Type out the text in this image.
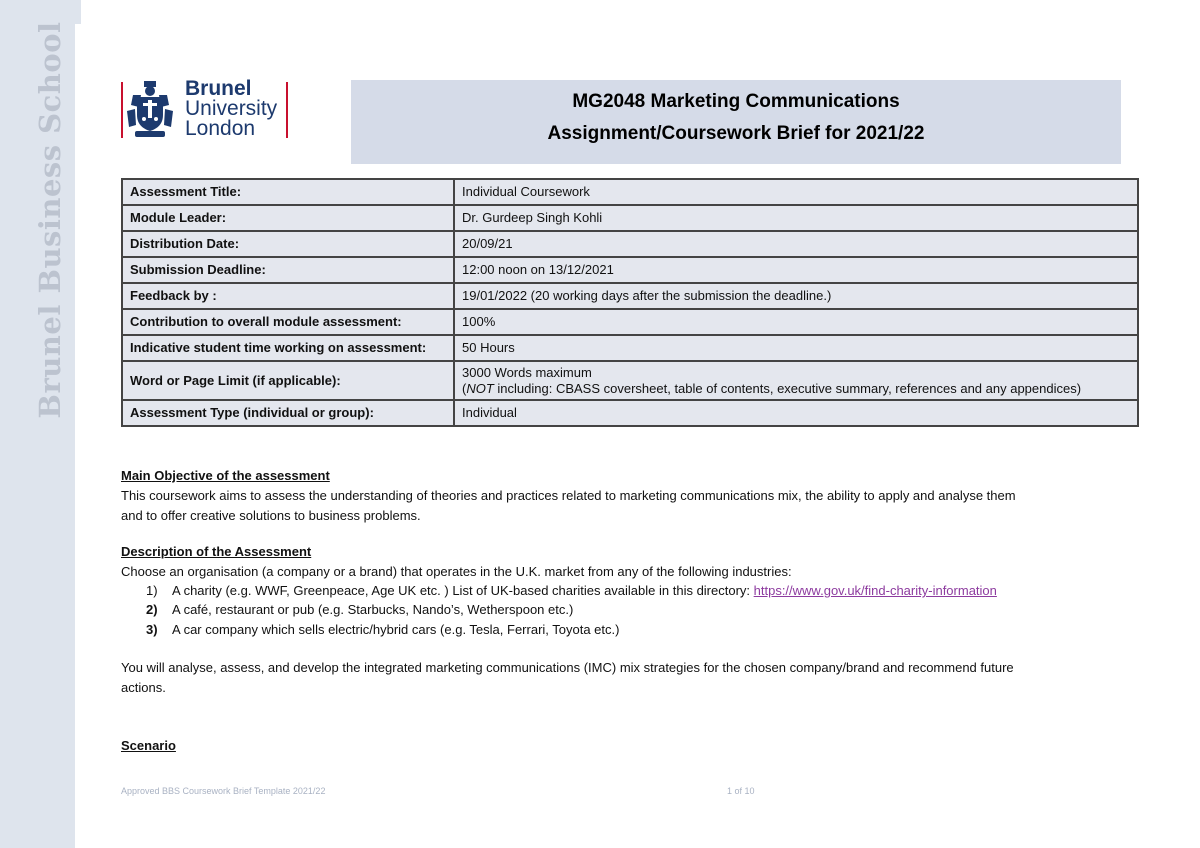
Brunel Business School	Brunel
University
London
MG2048 Marketing Communications
Assignment/Coursework Brief for 2021/22
Assessment Title:	Individual Coursework
Module Leader:	Dr. Gurdeep Singh Kohli
Distribution Date:	20/09/21
Submission Deadline:	12:00 noon on 13/12/2021
Feedback by :	19/01/2022 (20 working days after the submission the deadline.)
Contribution to overall module assessment:	100%
Indicative student time working on assessment:	50 Hours
Word or Page Limit (if applicable):	3000 Words maximum
(NOT including: CBASS coversheet, table of contents, executive summary, references and any appendices)

Assessment Type (individual or group):	Individual
Main Objective of the assessment
This coursework aims to assess the understanding of theories and practices related to marketing communications mix, the ability to apply and analyse them
and to offer creative solutions to business problems.
Description of the Assessment
Choose an organisation (a company or a brand) that operates in the U.K. market from any of the following industries:
1) A charity (e.g. WWF, Greenpeace, Age UK etc. ) List of UK-based charities available in this directory: https://www.gov.uk/find-charity-information
2) A café, restaurant or pub (e.g. Starbucks, Nando’s, Wetherspoon etc.)
3) A car company which sells electric/hybrid cars (e.g. Tesla, Ferrari, Toyota etc.)
You will analyse, assess, and develop the integrated marketing communications (IMC) mix strategies for the chosen company/brand and recommend future
actions.
Scenario
Approved BBS Coursework Brief Template 2021/22	1 of 10
